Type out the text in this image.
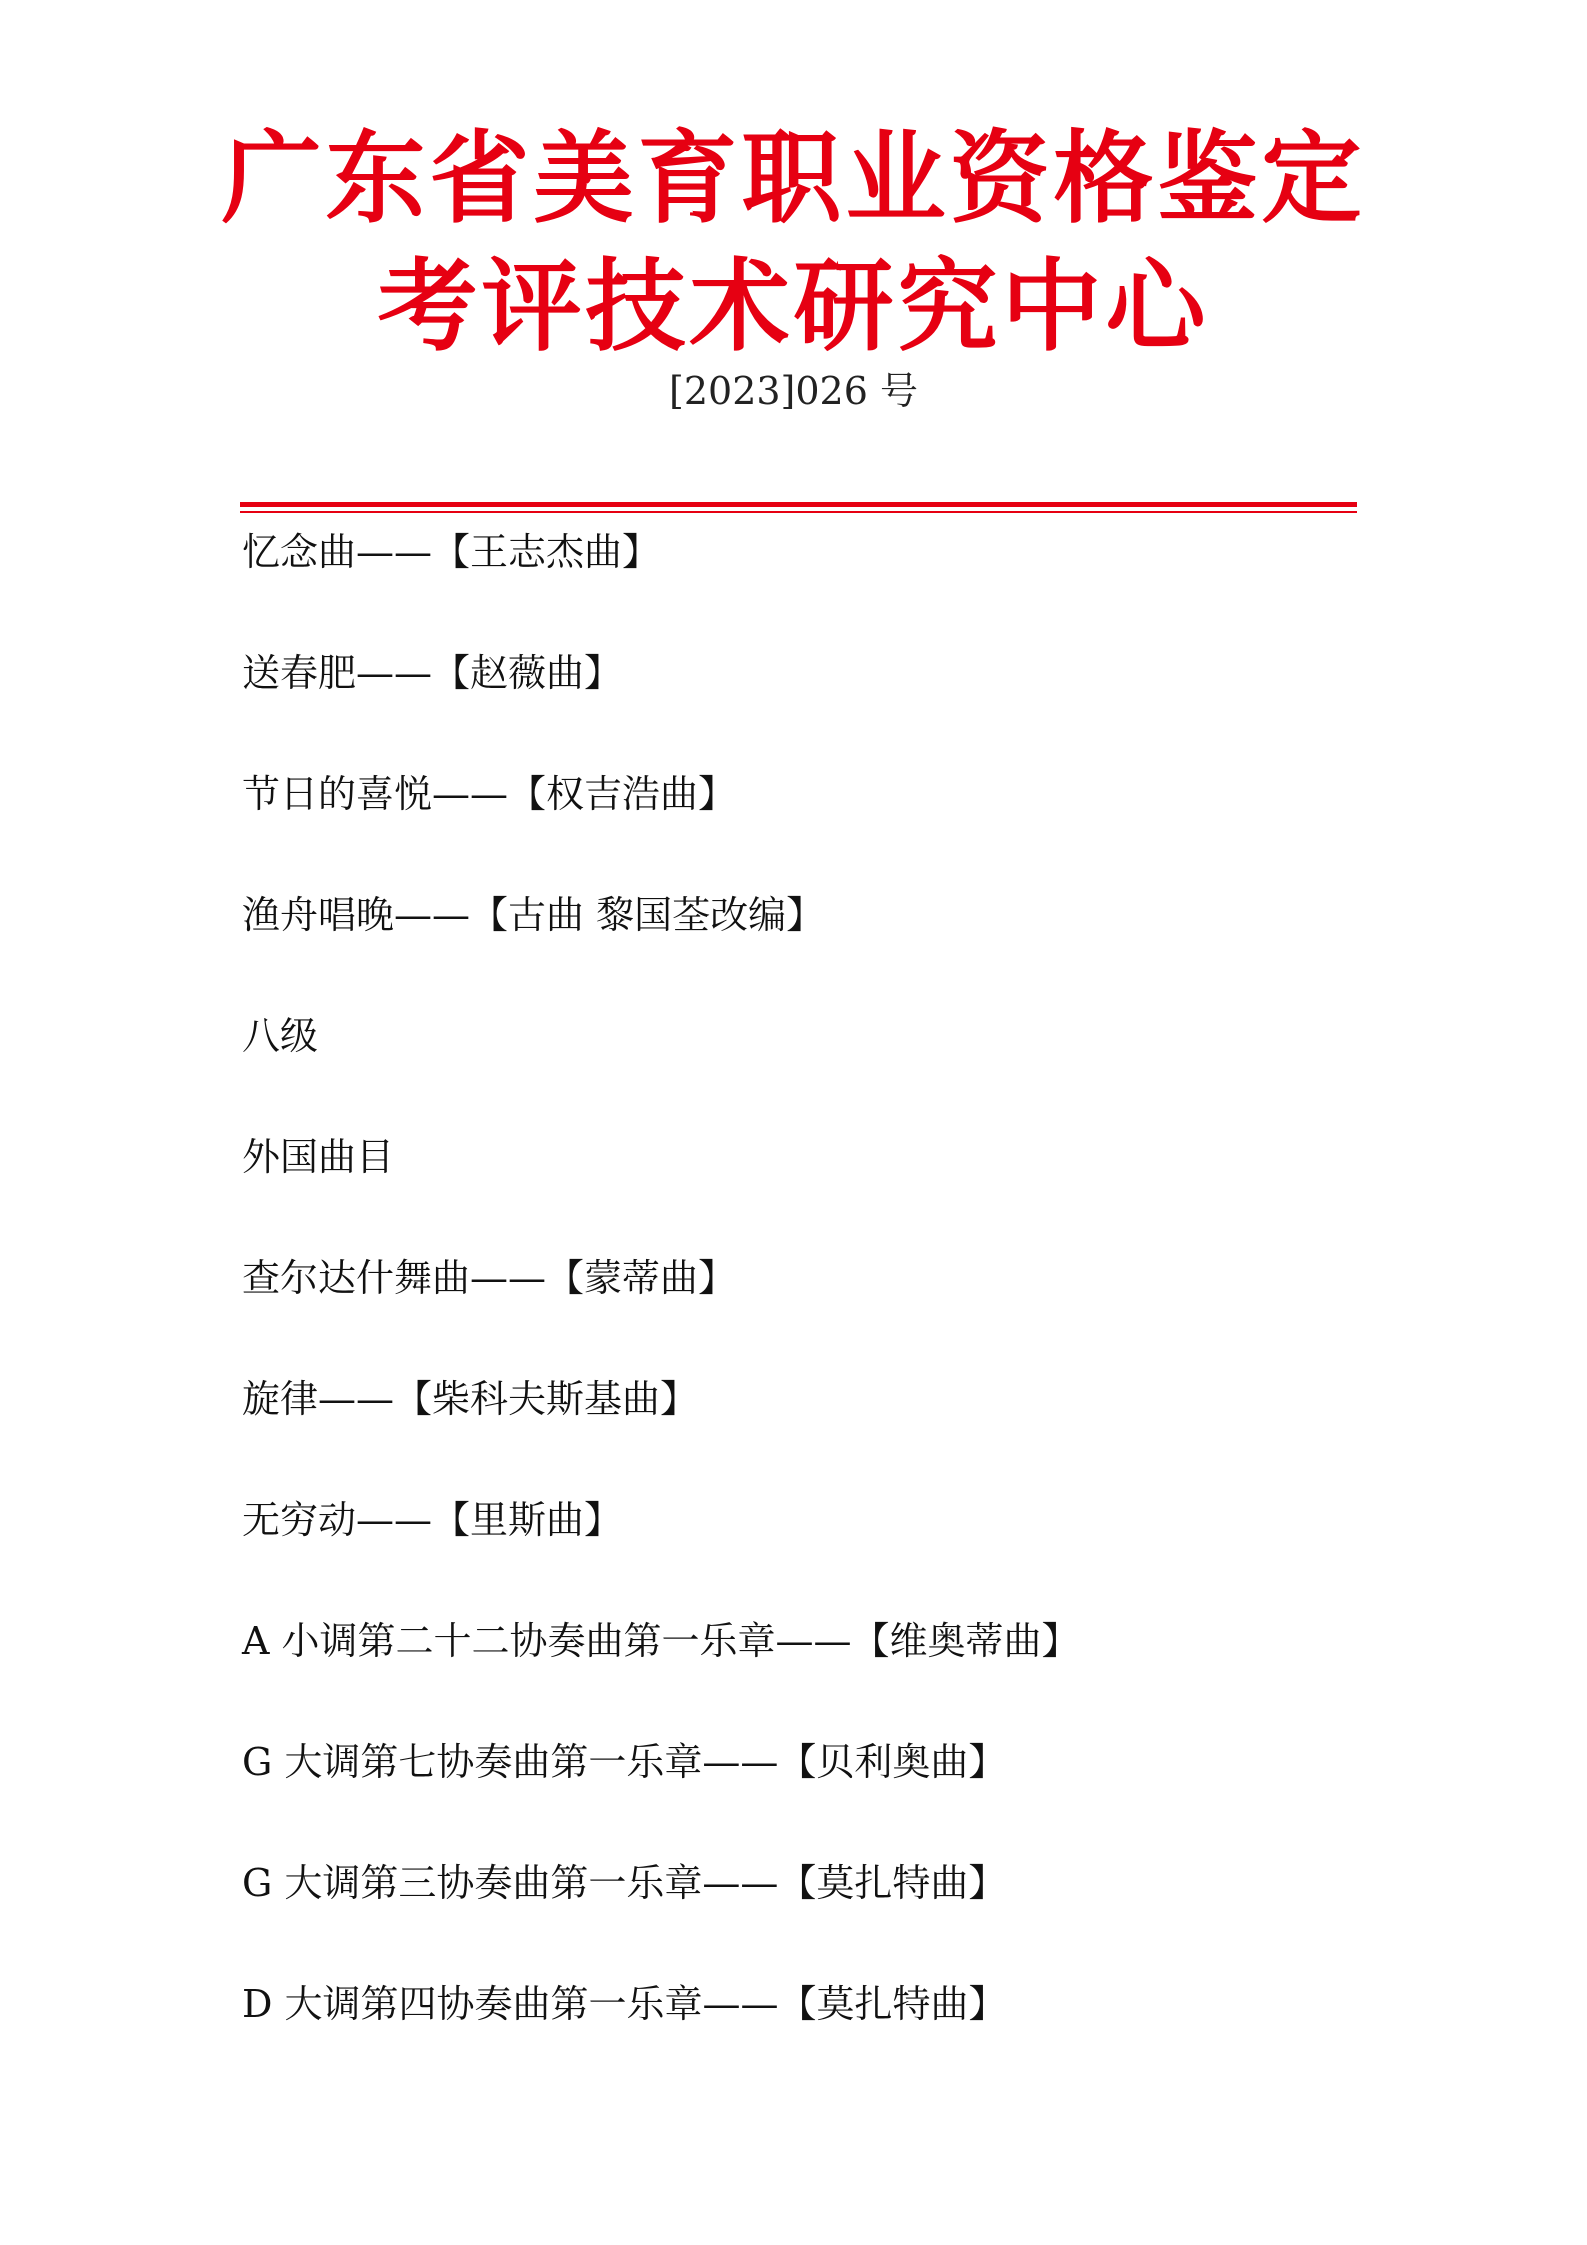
广东省美育职业资格鉴定
考评技术研究中心
[2023]026 号
忆念曲——【王志杰曲】
送春肥——【赵薇曲】
节日的喜悦——【权吉浩曲】
渔舟唱晚——【古曲 黎国荃改编】
八级
外国曲目
查尔达什舞曲——【蒙蒂曲】
旋律——【柴科夫斯基曲】
无穷动——【里斯曲】
A 小调第二十二协奏曲第一乐章——【维奥蒂曲】
G 大调第七协奏曲第一乐章——【贝利奥曲】
G 大调第三协奏曲第一乐章——【莫扎特曲】
D 大调第四协奏曲第一乐章——【莫扎特曲】
